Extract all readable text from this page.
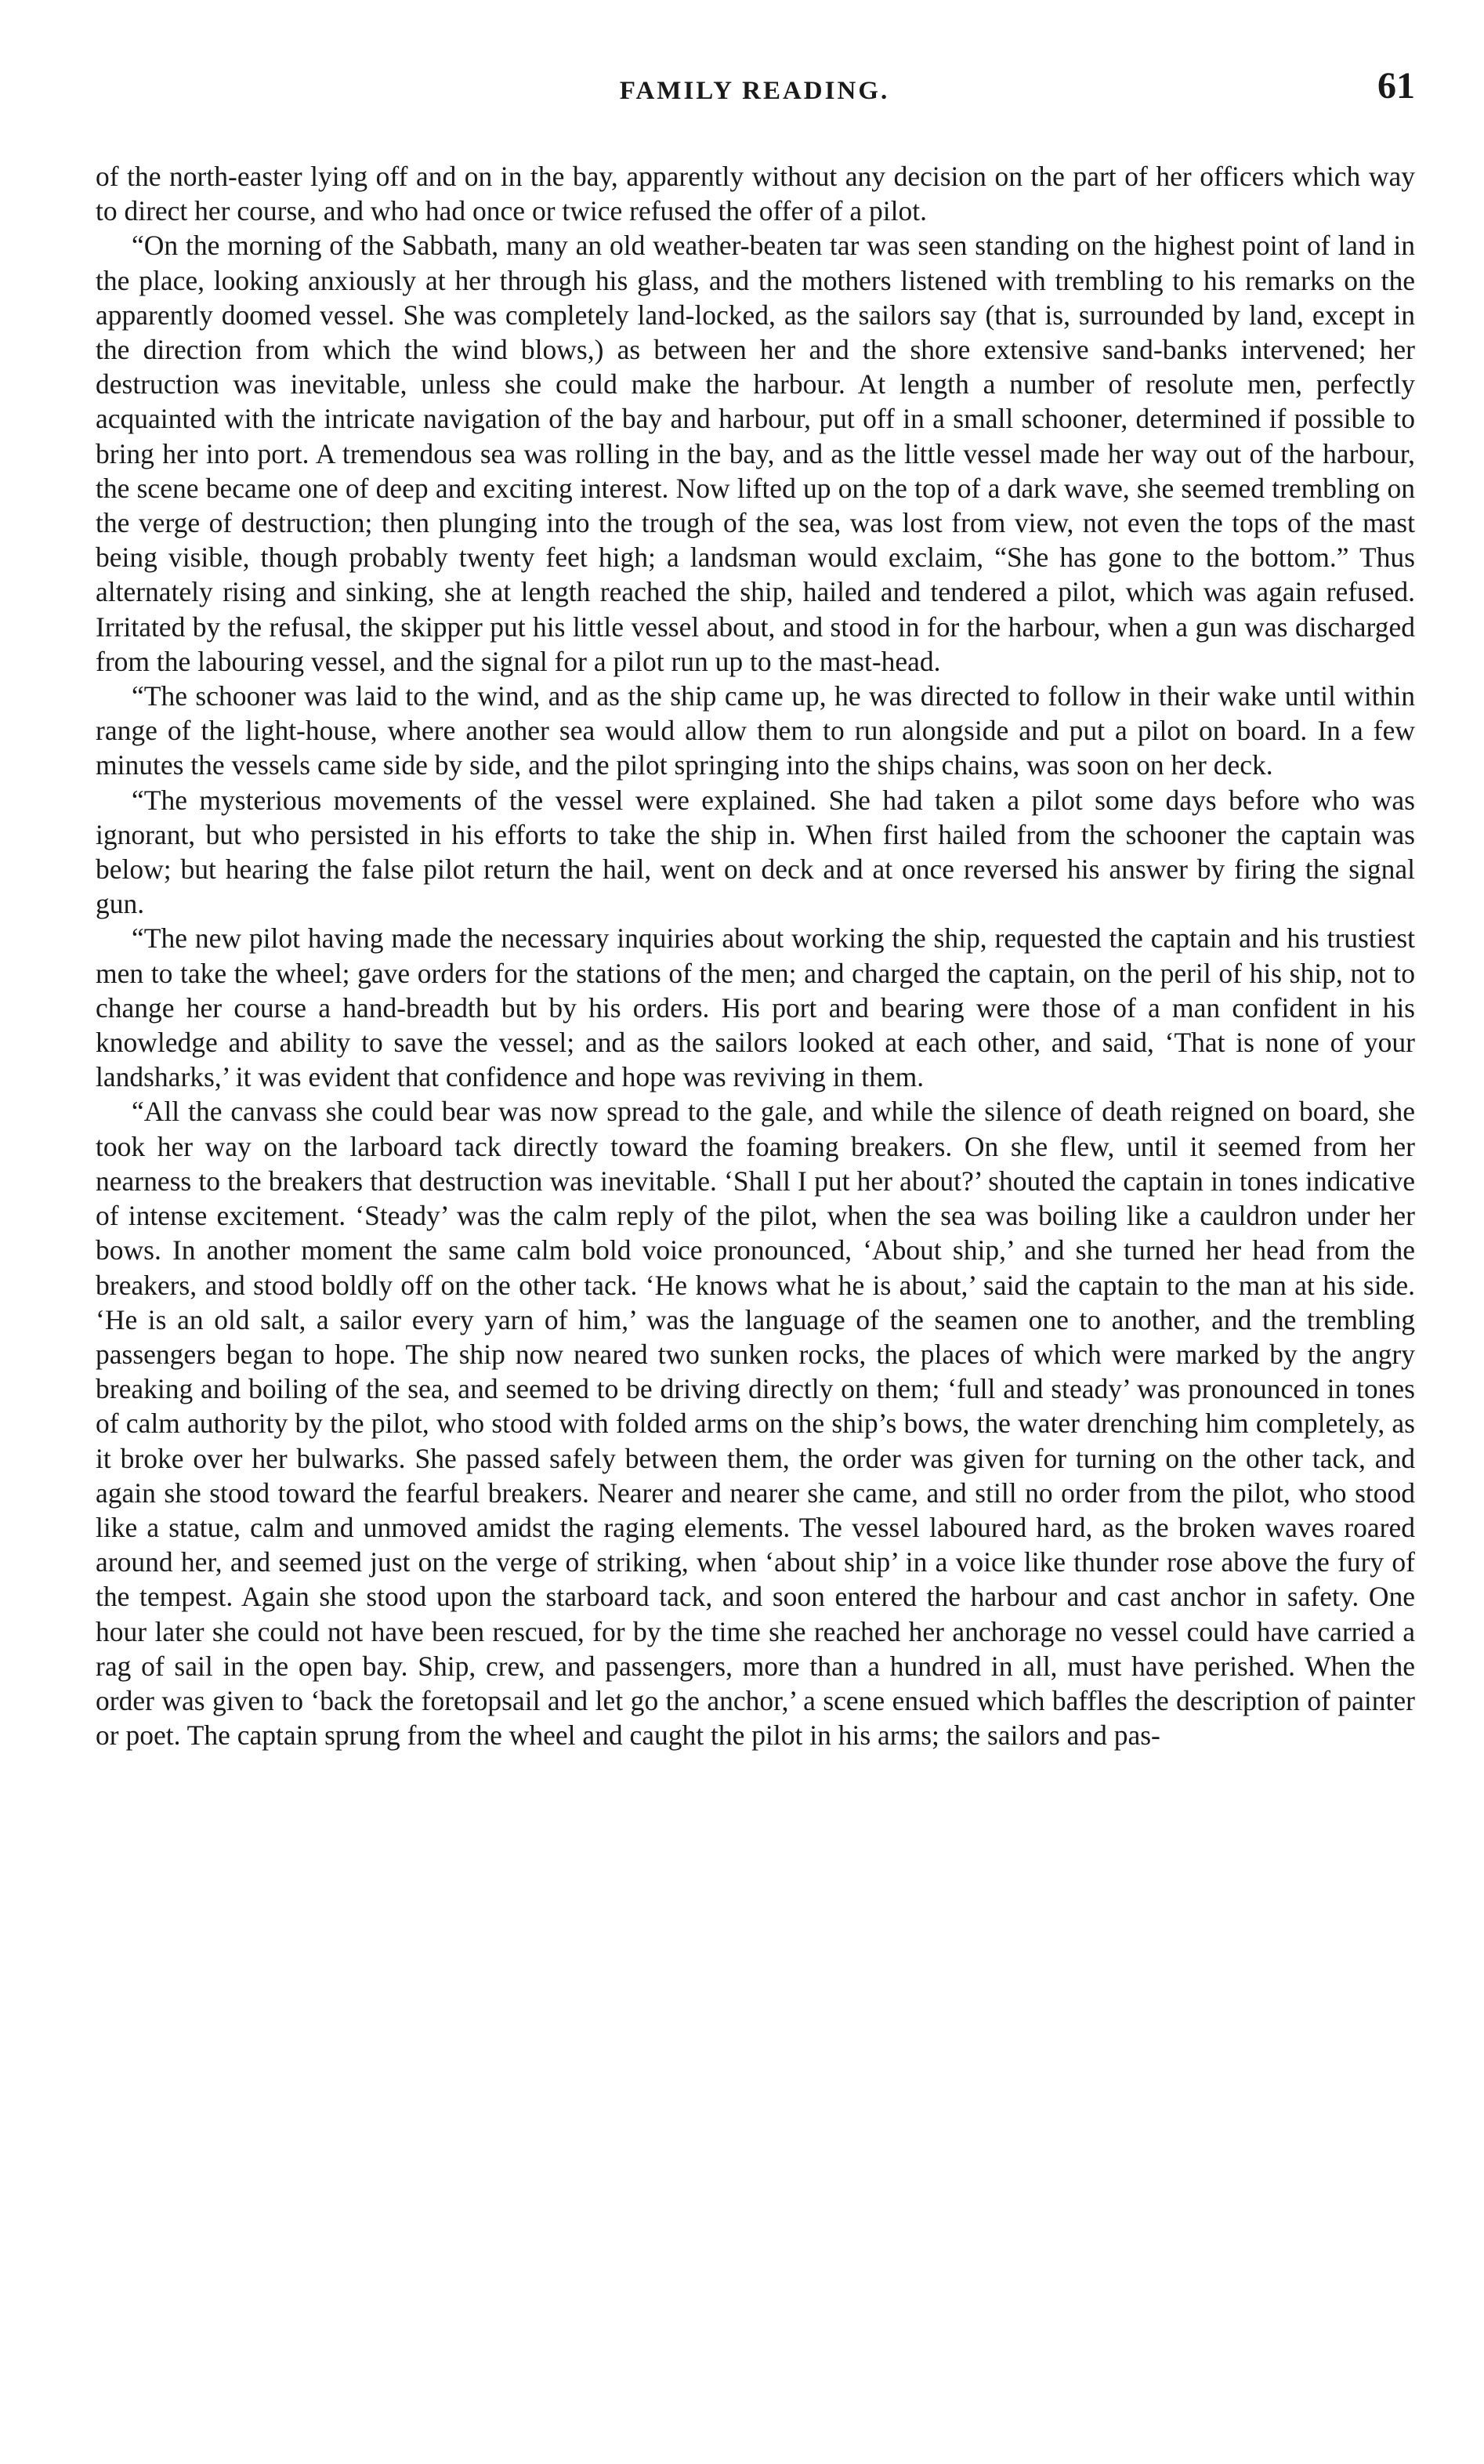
FAMILY READING.	61

of the north-easter lying off and on in the bay, apparently without any decision on the part of her officers which way to direct her course, and who had once or twice refused the offer of a pilot.

“On the morning of the Sabbath, many an old weather-beaten tar was seen standing on the highest point of land in the place, looking anxiously at her through his glass, and the mothers listened with trembling to his remarks on the apparently doomed vessel. She was completely land-locked, as the sailors say (that is, surrounded by land, except in the direction from which the wind blows,) as between her and the shore extensive sand-banks intervened; her destruction was inevitable, unless she could make the harbour. At length a number of resolute men, perfectly acquainted with the intricate navigation of the bay and harbour, put off in a small schooner, determined if possible to bring her into port. A tremendous sea was rolling in the bay, and as the little vessel made her way out of the harbour, the scene became one of deep and exciting interest. Now lifted up on the top of a dark wave, she seemed trembling on the verge of destruction; then plunging into the trough of the sea, was lost from view, not even the tops of the mast being visible, though probably twenty feet high; a landsman would exclaim, “She has gone to the bottom.” Thus alternately rising and sinking, she at length reached the ship, hailed and tendered a pilot, which was again refused. Irritated by the refusal, the skipper put his little vessel about, and stood in for the harbour, when a gun was discharged from the labouring vessel, and the signal for a pilot run up to the mast-head.

“The schooner was laid to the wind, and as the ship came up, he was directed to follow in their wake until within range of the light-house, where another sea would allow them to run alongside and put a pilot on board. In a few minutes the vessels came side by side, and the pilot springing into the ships chains, was soon on her deck.

“The mysterious movements of the vessel were explained. She had taken a pilot some days before who was ignorant, but who persisted in his efforts to take the ship in. When first hailed from the schooner the captain was below; but hearing the false pilot return the hail, went on deck and at once reversed his answer by firing the signal gun.

“The new pilot having made the necessary inquiries about working the ship, requested the captain and his trustiest men to take the wheel; gave orders for the stations of the men; and charged the captain, on the peril of his ship, not to change her course a hand-breadth but by his orders. His port and bearing were those of a man confident in his knowledge and ability to save the vessel; and as the sailors looked at each other, and said, ‘That is none of your landsharks,’ it was evident that confidence and hope was reviving in them.

“All the canvass she could bear was now spread to the gale, and while the silence of death reigned on board, she took her way on the larboard tack directly toward the foaming breakers. On she flew, until it seemed from her nearness to the breakers that destruction was inevitable. ‘Shall I put her about?’ shouted the captain in tones indicative of intense excitement. ‘Steady’ was the calm reply of the pilot, when the sea was boiling like a cauldron under her bows. In another moment the same calm bold voice pronounced, ‘About ship,’ and she turned her head from the breakers, and stood boldly off on the other tack. ‘He knows what he is about,’ said the captain to the man at his side. ‘He is an old salt, a sailor every yarn of him,’ was the language of the seamen one to another, and the trembling passengers began to hope. The ship now neared two sunken rocks, the places of which were marked by the angry breaking and boiling of the sea, and seemed to be driving directly on them; ‘full and steady’ was pronounced in tones of calm authority by the pilot, who stood with folded arms on the ship’s bows, the water drenching him completely, as it broke over her bulwarks. She passed safely between them, the order was given for turning on the other tack, and again she stood toward the fearful breakers. Nearer and nearer she came, and still no order from the pilot, who stood like a statue, calm and unmoved amidst the raging elements. The vessel laboured hard, as the broken waves roared around her, and seemed just on the verge of striking, when ‘about ship’ in a voice like thunder rose above the fury of the tempest. Again she stood upon the starboard tack, and soon entered the harbour and cast anchor in safety. One hour later she could not have been rescued, for by the time she reached her anchorage no vessel could have carried a rag of sail in the open bay. Ship, crew, and passengers, more than a hundred in all, must have perished. When the order was given to ‘back the foretopsail and let go the anchor,’ a scene ensued which baffles the description of painter or poet. The captain sprung from the wheel and caught the pilot in his arms; the sailors and pas-
